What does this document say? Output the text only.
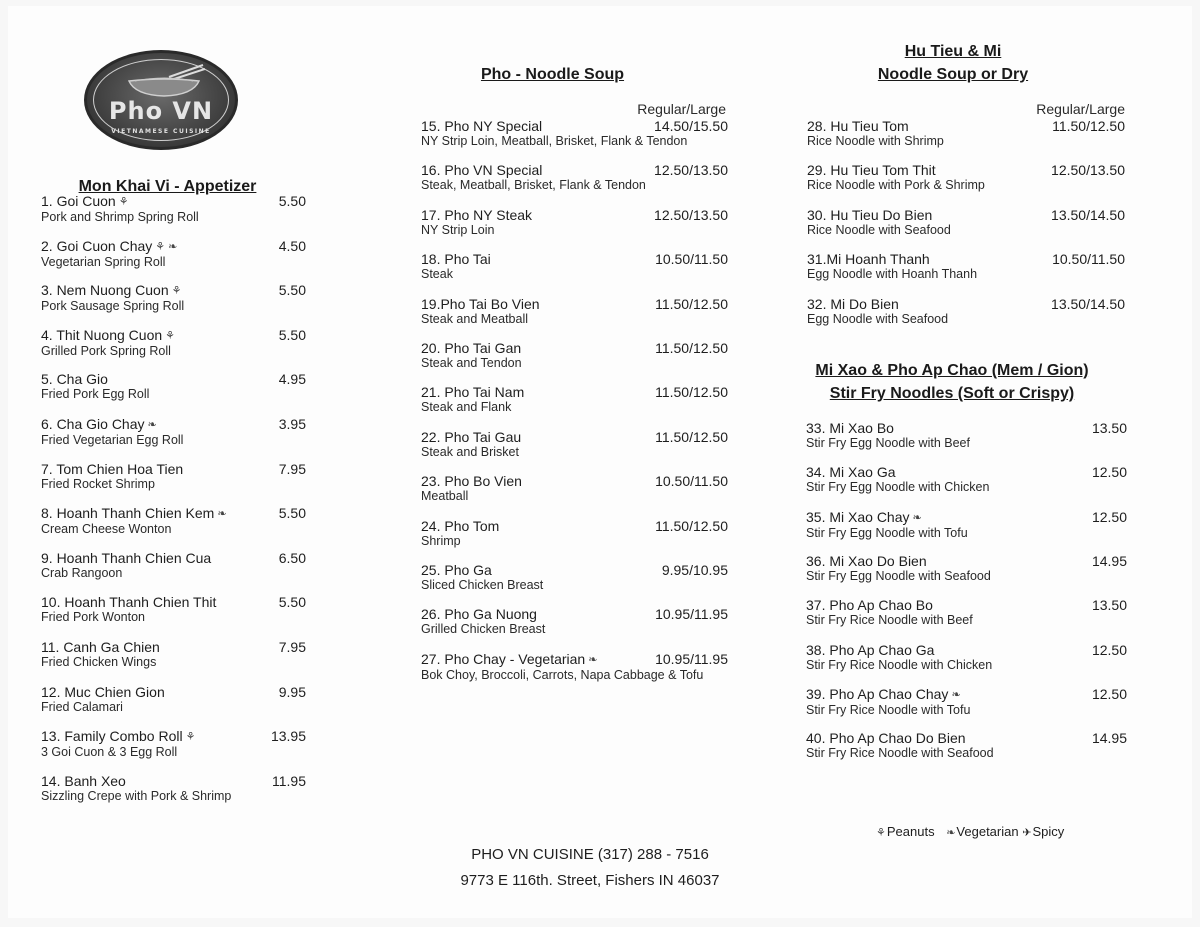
Pho VN
VIETNAMESE CUISINE
Mon Khai Vi - Appetizer
Pho - Noodle Soup
Regular/Large
Hu Tieu & Mi
Noodle Soup or Dry
Regular/Large
Mi Xao & Pho Ap Chao (Mem / Gion)
Stir Fry Noodles (Soft or Crispy)
1. Goi Cuon ⚘
Pork and Shrimp Spring Roll
5.50
2. Goi Cuon Chay ⚘ ❧
Vegetarian Spring Roll
4.50
3. Nem Nuong Cuon ⚘
Pork Sausage Spring Roll
5.50
4. Thit Nuong Cuon ⚘
Grilled Pork Spring Roll
5.50
5. Cha Gio
Fried Pork Egg Roll
4.95
6. Cha Gio Chay ❧
Fried Vegetarian Egg Roll
3.95
7. Tom Chien Hoa Tien
Fried Rocket Shrimp
7.95
8. Hoanh Thanh Chien Kem ❧
Cream Cheese Wonton
5.50
9. Hoanh Thanh Chien Cua
Crab Rangoon
6.50
10. Hoanh Thanh Chien Thit
Fried Pork Wonton
5.50
11. Canh Ga Chien
Fried Chicken Wings
7.95
12. Muc Chien Gion
Fried Calamari
9.95
13. Family Combo Roll ⚘
3 Goi Cuon & 3 Egg Roll
13.95
14. Banh Xeo
Sizzling Crepe with Pork & Shrimp
11.95
15. Pho NY Special
NY Strip Loin, Meatball, Brisket, Flank & Tendon
14.50/15.50
16. Pho VN Special
Steak, Meatball, Brisket, Flank & Tendon
12.50/13.50
17. Pho NY Steak
NY Strip Loin
12.50/13.50
18. Pho Tai
Steak
10.50/11.50
19.Pho Tai Bo Vien
Steak and Meatball
11.50/12.50
20. Pho Tai Gan
Steak and Tendon
11.50/12.50
21. Pho Tai Nam
Steak and Flank
11.50/12.50
22. Pho Tai Gau
Steak and Brisket
11.50/12.50
23. Pho Bo Vien
Meatball
10.50/11.50
24. Pho Tom
Shrimp
11.50/12.50
25. Pho Ga
Sliced Chicken Breast
9.95/10.95
26. Pho Ga Nuong
Grilled Chicken Breast
10.95/11.95
27. Pho Chay - Vegetarian ❧
Bok Choy, Broccoli, Carrots, Napa Cabbage & Tofu
10.95/11.95
28. Hu Tieu Tom
Rice Noodle with Shrimp
11.50/12.50
29. Hu Tieu Tom Thit
Rice Noodle with Pork & Shrimp
12.50/13.50
30. Hu Tieu Do Bien
Rice Noodle with Seafood
13.50/14.50
31.Mi Hoanh Thanh
Egg Noodle with Hoanh Thanh
10.50/11.50
32. Mi Do Bien
Egg Noodle with Seafood
13.50/14.50
33. Mi Xao Bo
Stir Fry Egg Noodle with Beef
13.50
34. Mi Xao Ga
Stir Fry Egg Noodle with Chicken
12.50
35. Mi Xao Chay ❧
Stir Fry Egg Noodle with Tofu
12.50
36. Mi Xao Do Bien
Stir Fry Egg Noodle with Seafood
14.95
37. Pho Ap Chao Bo
Stir Fry Rice Noodle with Beef
13.50
38. Pho Ap Chao Ga
Stir Fry Rice Noodle with Chicken
12.50
39. Pho Ap Chao Chay ❧
Stir Fry Rice Noodle with Tofu
12.50
40. Pho Ap Chao Do Bien
Stir Fry Rice Noodle with Seafood
14.95
⚘Peanuts ❧Vegetarian ✈Spicy
PHO VN CUISINE (317) 288 - 7516
9773 E 116th. Street, Fishers IN 46037
